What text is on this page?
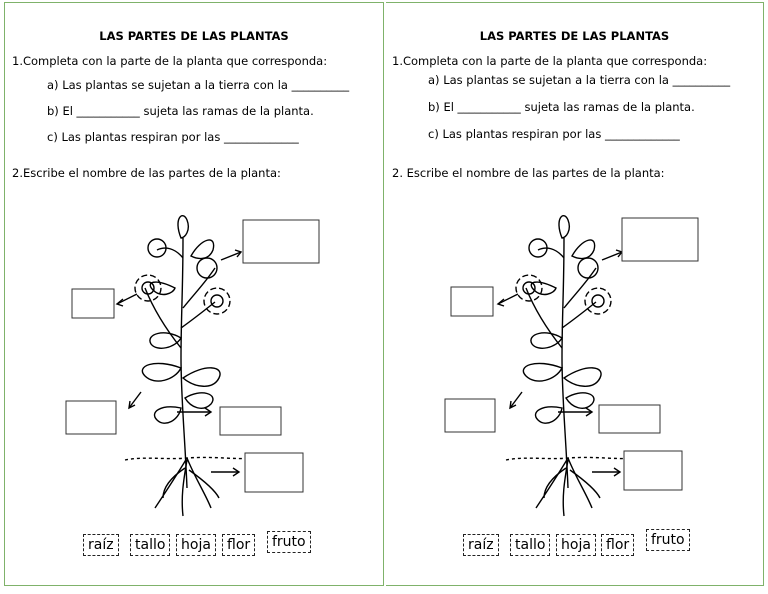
LAS PARTES DE LAS PLANTAS
1.Completa con la parte de la planta que corresponda:
a) Las plantas se sujetan a la tierra con la __________
b) El ___________ sujeta las ramas de la planta.
c) Las plantas respiran por las _____________
2.Escribe el nombre de las partes de la planta:
raíz	tallo	hoja	flor	fruto
LAS PARTES DE LAS PLANTAS
1.Completa con la parte de la planta que corresponda:
a) Las plantas se sujetan a la tierra con la __________
b) El ___________ sujeta las ramas de la planta.
c) Las plantas respiran por las _____________
2. Escribe el nombre de las partes de la planta:
raíz	tallo	hoja	flor	fruto
